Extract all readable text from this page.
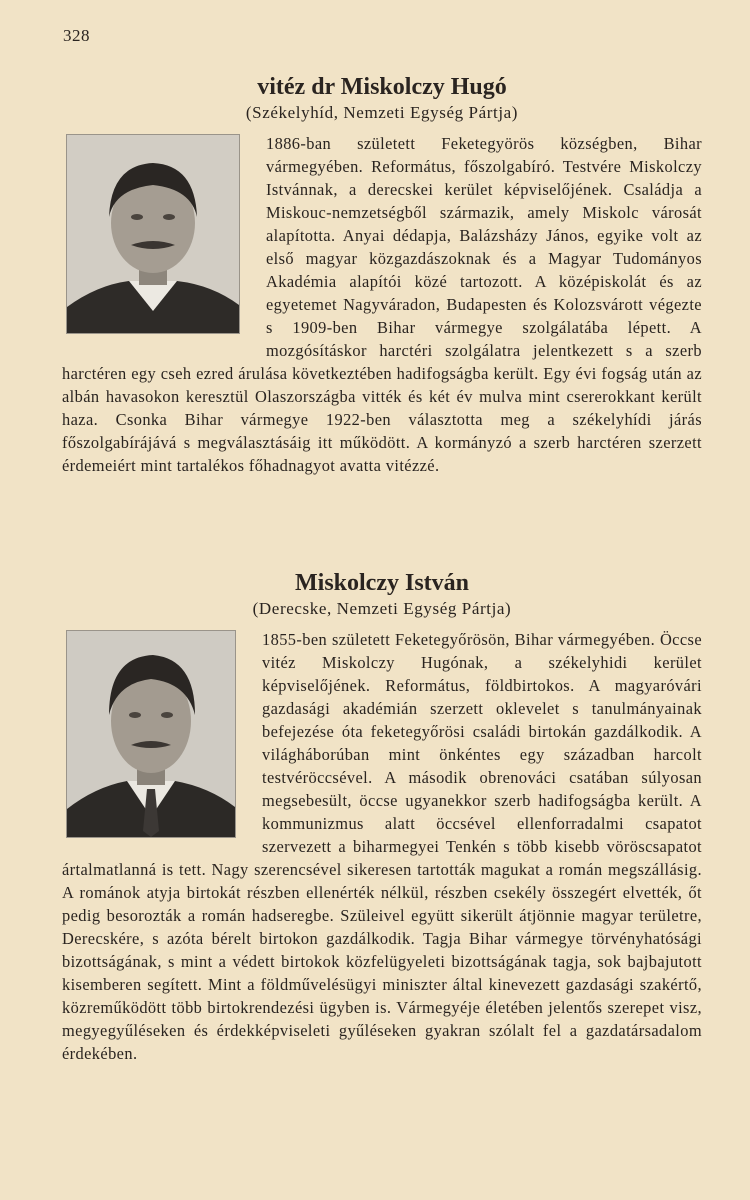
328
vitéz dr Miskolczy Hugó

(Székelyhíd, Nemzeti Egység Pártja)

1886-ban született Feketegyörös községben, Bihar vármegyében. Református, főszolgabíró. Testvére Miskolczy Istvánnak, a derecskei kerület képviselőjének. Családja a Miskouc-nemzetségből származik, amely Miskolc városát alapította. Anyai dédapja, Balázsházy János, egyike volt az első magyar közgazdászoknak és a Magyar Tudományos Akadémia alapítói közé tartozott. A középiskolát és az egyetemet Nagyváradon, Budapesten és Kolozsvárott végezte s 1909-ben Bihar vármegye szolgálatába lépett. A mozgósításkor harctéri szolgálatra jelentkezett s a szerb harctéren egy cseh ezred árulása következtében hadifogságba került. Egy évi fogság után az albán havasokon keresztül Olaszországba vitték és két év mulva mint csererokkant került haza. Csonka Bihar vármegye 1922-ben választotta meg a székelyhídi járás főszolgabírájává s megválasztásáig itt működött. A kormányzó a szerb harctéren szerzett érdemeiért mint tartalékos főhadnagyot avatta vitézzé.

Miskolczy István

(Derecske, Nemzeti Egység Pártja)

1855-ben született Feketegyőrösön, Bihar vármegyében. Öccse vitéz Miskolczy Hugónak, a székelyhidi kerület képviselőjének. Református, földbirtokos. A magyaróvári gazdasági akadémián szerzett oklevelet s tanulmányainak befejezése óta feketegyőrösi családi birtokán gazdálkodik. A világháborúban mint önkéntes egy században harcolt testvéröccsével. A második obrenováci csatában súlyosan megsebesült, öccse ugyanekkor szerb hadifogságba került. A kommunizmus alatt öccsével ellenforradalmi csapatot szervezett a biharmegyei Tenkén s több kisebb vöröscsapatot ártalmatlanná is tett. Nagy szerencsével sikeresen tartották magukat a román megszállásig. A románok atyja birtokát részben ellenérték nélkül, részben csekély összegért elvették, őt pedig besorozták a román hadseregbe. Szüleivel együtt sikerült átjönnie magyar területre, Derecskére, s azóta bérelt birtokon gazdálkodik. Tagja Bihar vármegye törvényhatósági bizottságának, s mint a védett birtokok közfelügyeleti bizottságának tagja, sok bajbajutott kisemberen segített. Mint a földművelésügyi miniszter által kinevezett gazdasági szakértő, közreműködött több birtokrendezési ügyben is. Vármegyéje életében jelentős szerepet visz, megyegyűléseken és érdekképviseleti gyűléseken gyakran szólalt fel a gazdatársadalom érdekében.
